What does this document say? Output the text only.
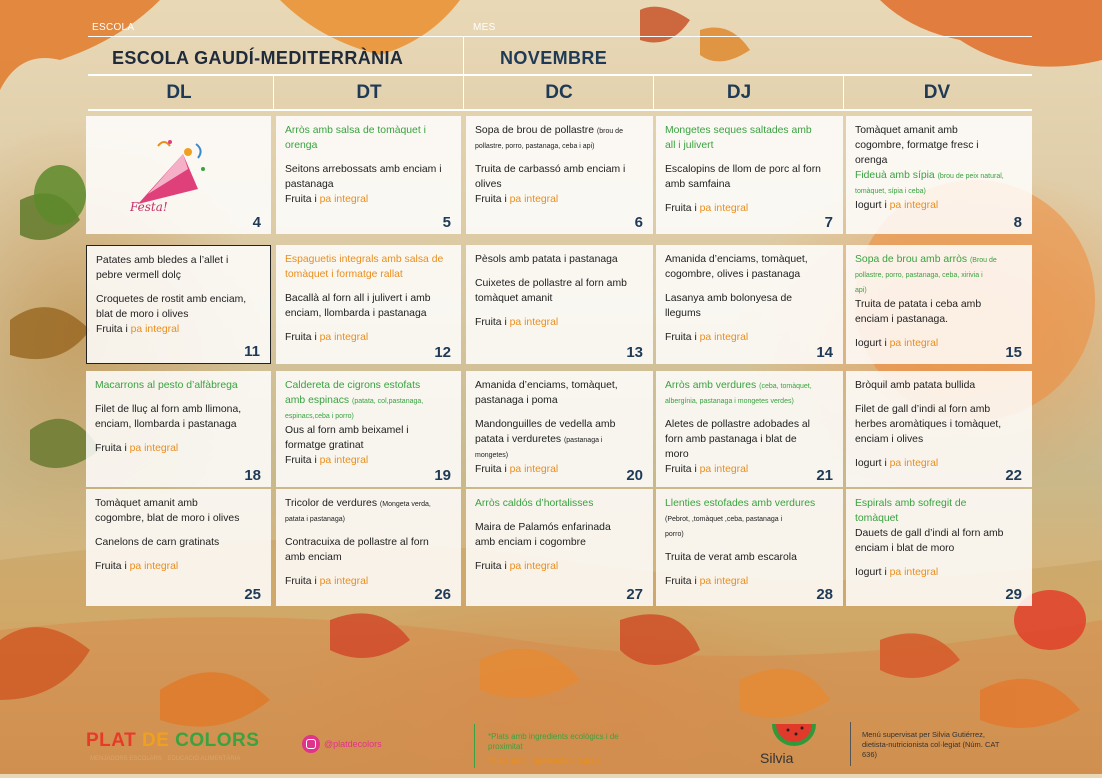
ESCOLA	MES
ESCOLA GAUDÍ-MEDITERRÀNIA	NOVEMBRE
DL	DT	DC	DJ	DV
Festa!
4
Arròs amb salsa de tomàquet i
orenga
Seitons arrebossats amb enciam i
pastanaga
Fruita i pa integral
5
Sopa de brou de pollastre (brou de
pollastre, porro, pastanaga, ceba i api)
Truita de carbassó amb enciam i
olives
Fruita i pa integral
6
Mongetes seques saltades amb
all i julivert
Escalopins de llom de porc al forn
amb samfaina
Fruita i pa integral
7
Tomàquet amanit amb
cogombre, formatge fresc i
orenga
Fideuà amb sípia (brou de peix natural,
tomàquet, sípia i ceba)
Iogurt i pa integral
8
Patates amb bledes a l’allet i
pebre vermell dolç
Croquetes de rostit amb enciam,
blat de moro i olives
Fruita i pa integral
11
Espaguetis integrals amb salsa de
tomàquet i formatge rallat
Bacallà al forn all i julivert i amb
enciam, llombarda i pastanaga
Fruita i pa integral
12
Pèsols amb patata i pastanaga
Cuixetes de pollastre al forn amb
tomàquet amanit
Fruita i pa integral
13
Amanida d’enciams, tomàquet,
cogombre, olives i pastanaga
Lasanya amb bolonyesa de
llegums
Fruita i pa integral
14
Sopa de brou amb arròs (Brou de
pollastre, porro, pastanaga, ceba, xirivia i
api)
Truita de patata i ceba amb
enciam i pastanaga.
Iogurt i pa integral
15
Macarrons al pesto d’alfàbrega
Filet de lluç al forn amb llimona,
enciam, llombarda i pastanaga
Fruita i pa integral
18
Caldereta de cigrons estofats
amb espinacs (patata, col,pastanaga,
espinacs,ceba i porro)
Ous al forn amb beixamel i
formatge gratinat
Fruita i pa integral
19
Amanida d’enciams, tomàquet,
pastanaga i poma
Mandonguilles de vedella amb
patata i verduretes (pastanaga i
mongetes)
Fruita i pa integral	20
Arròs amb verdures (ceba, tomàquet,
albergínia, pastanaga i mongetes verdes)
Aletes de pollastre adobades al
forn amb pastanaga i blat de
moro
Fruita i pa integral	21
Bròquil amb patata bullida
Filet de gall d’indi al forn amb
herbes aromàtiques i tomàquet,
enciam i olives
Iogurt i pa integral
22
Tomàquet amanit amb
cogombre, blat de moro i olives
Canelons de carn gratinats
Fruita i pa integral
25
Tricolor de verdures (Mongeta verda,
patata i pastanaga)
Contracuixa de pollastre al forn
amb enciam
Fruita i pa integral
26
Arròs caldós d’hortalisses
Maira de Palamós enfarinada
amb enciam i cogombre
Fruita i pa integral
27
Llenties estofades amb verdures
(Pebrot, ,tomàquet ,ceba, pastanaga i
porro)
Truita de verat amb escarola
Fruita i pa integral
28
Espirals amb sofregit de
tomàquet
Dauets de gall d’indi al forn amb
enciam i blat de moro
Iogurt i pa integral
29
PLAT DE COLORS
MENJADORS ESCOLARS · EDUCACIÓ ALIMENTÀRIA
@platdecolors
*Plats amb ingredients ecològics i de proximitat
*Plats amb ingredients integrals	Silvia
Menú supervisat per Silvia Gutiérrez, dietista-nutricionista col·legiat (Núm. CAT 636)
